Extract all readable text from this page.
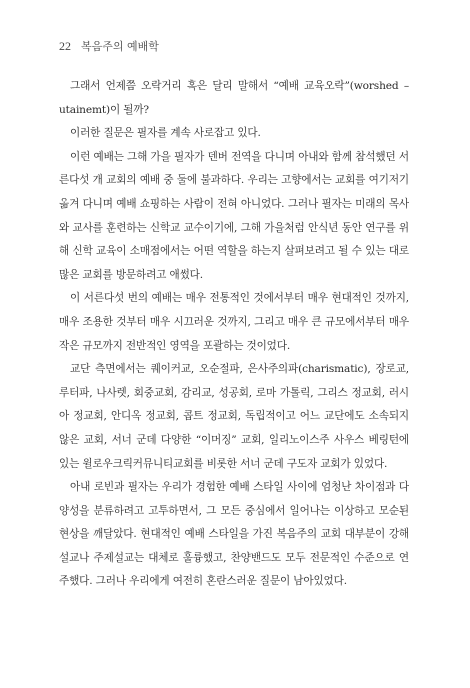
22 복음주의 예배학

그래서 언제쯤 오락거리 혹은 달리 말해서 “예배 교육오락”(worshed –utainemt)이 될까?

이러한 질문은 필자를 계속 사로잡고 있다.

이런 예배는 그해 가을 필자가 덴버 전역을 다니며 아내와 함께 참석했던 서른다섯 개 교회의 예배 중 둘에 불과하다. 우리는 고향에서는 교회를 여기저기 옮겨 다니며 예배 쇼핑하는 사람이 전혀 아니었다. 그러나 필자는 미래의 목사와 교사를 훈련하는 신학교 교수이기에, 그해 가을처럼 안식년 동안 연구를 위해 신학 교육이 소매점에서는 어떤 역할을 하는지 살펴보려고 될 수 있는 대로 많은 교회를 방문하려고 애썼다.

이 서른다섯 번의 예배는 매우 전통적인 것에서부터 매우 현대적인 것까지, 매우 조용한 것부터 매우 시끄러운 것까지, 그리고 매우 큰 규모에서부터 매우 작은 규모까지 전반적인 영역을 포괄하는 것이었다.

교단 측면에서는 퀘이커교, 오순절파, 은사주의파(charismatic), 장로교, 루터파, 나사렛, 회중교회, 감리교, 성공회, 로마 가톨릭, 그리스 정교회, 러시아 정교회, 안디옥 정교회, 콥트 정교회, 독립적이고 어느 교단에도 소속되지 않은 교회, 서너 군데 다양한 “이머징” 교회, 일리노이스주 사우스 베링턴에 있는 윌로우크릭커뮤니티교회를 비롯한 서너 군데 구도자 교회가 있었다.

아내 로빈과 필자는 우리가 경험한 예배 스타일 사이에 엄청난 차이점과 다양성을 분류하려고 고투하면서, 그 모든 중심에서 일어나는 이상하고 모순된 현상을 깨달았다. 현대적인 예배 스타일을 가진 복음주의 교회 대부분이 강해설교나 주제설교는 대체로 훌륭했고, 찬양밴드도 모두 전문적인 수준으로 연주했다. 그러나 우리에게 여전히 혼란스러운 질문이 남아있었다.
